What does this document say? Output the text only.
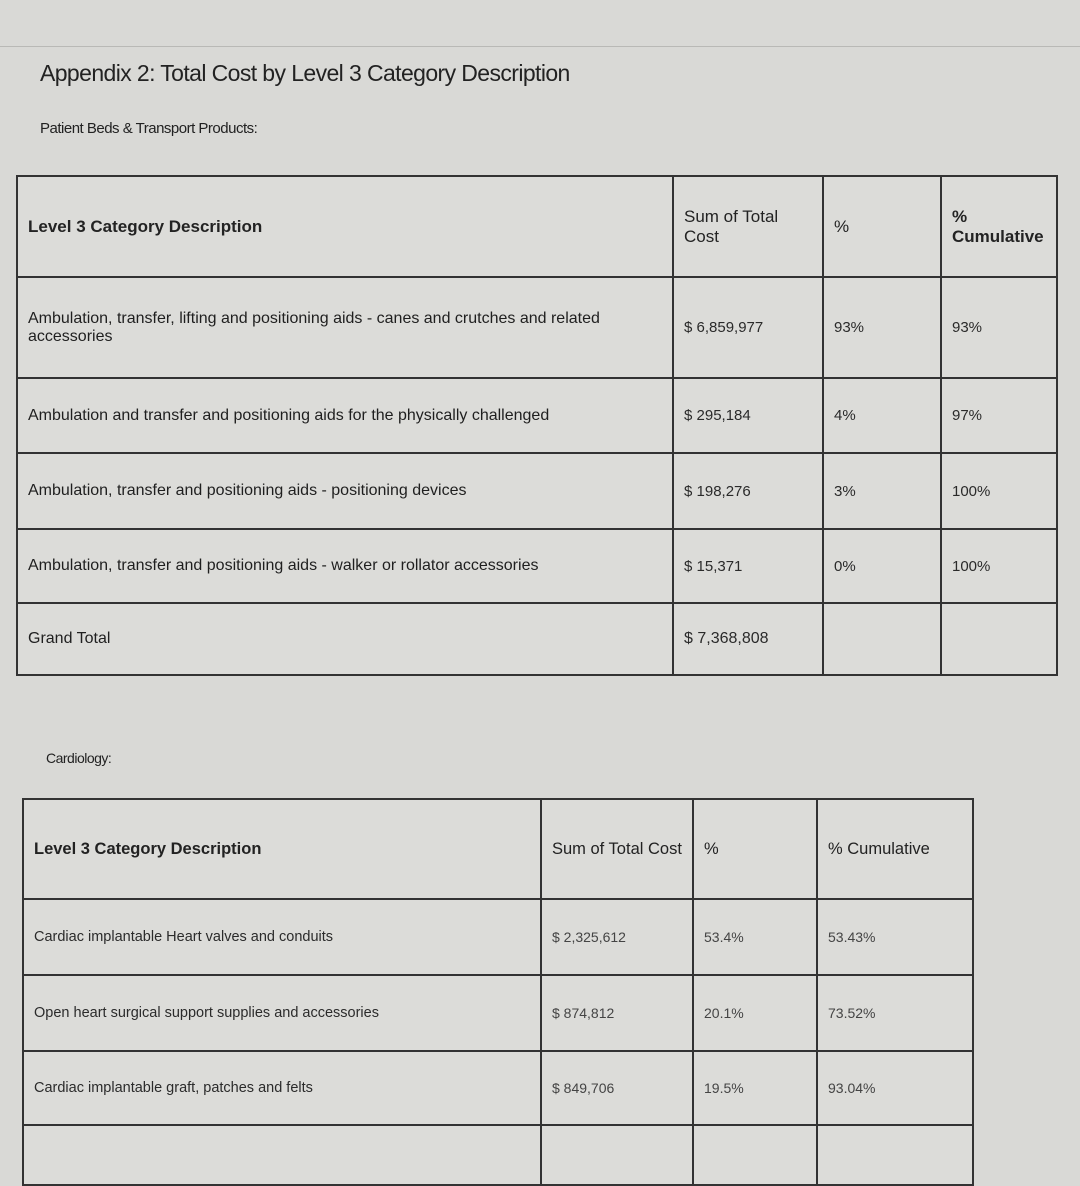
Appendix 2: Total Cost by Level 3 Category Description
Patient Beds & Transport Products:
Level 3 Category Description	Sum of Total Cost	%	% Cumulative
Ambulation, transfer, lifting and positioning aids - canes and crutches and related accessories	$ 6,859,977	93%	93%
Ambulation and transfer and positioning aids for the physically challenged	$ 295,184	4%	97%
Ambulation, transfer and positioning aids - positioning devices	$ 198,276	3%	100%
Ambulation, transfer and positioning aids - walker or rollator accessories	$ 15,371	0%	100%
Grand Total	$ 7,368,808		
Cardiology:
Level 3 Category Description	Sum of Total Cost	%	% Cumulative
Cardiac implantable Heart valves and conduits	$ 2,325,612	53.4%	53.43%
Open heart surgical support supplies and accessories	$ 874,812	20.1%	73.52%
Cardiac implantable graft, patches and felts	$ 849,706	19.5%	93.04%
